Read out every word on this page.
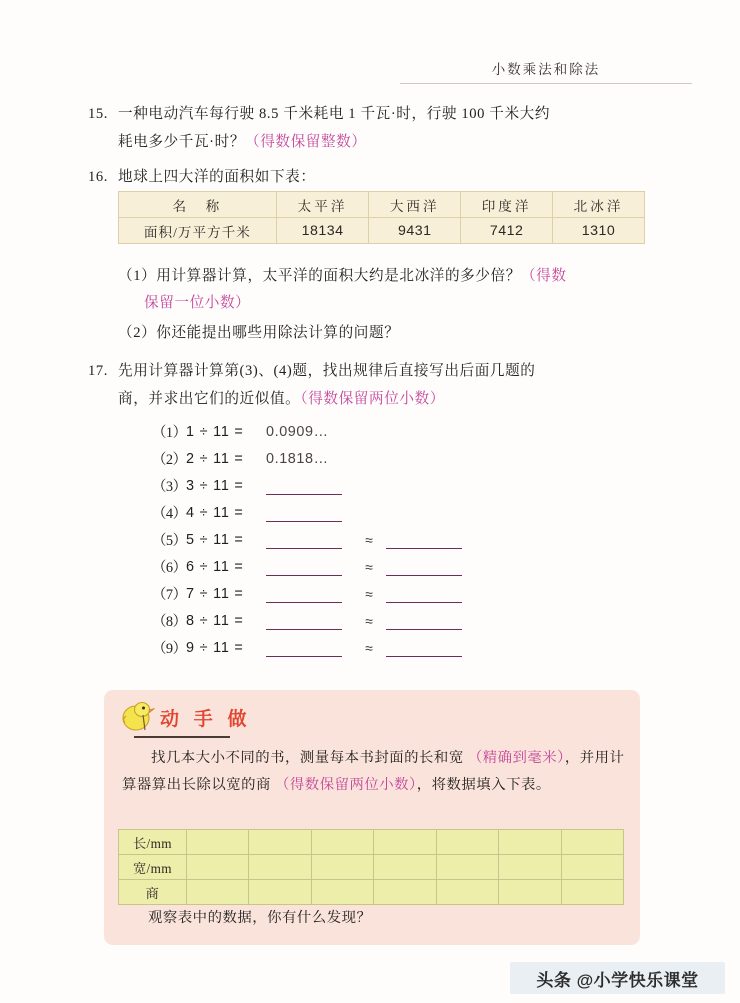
小数乘法和除法
15. 一种电动汽车每行驶 8.5 千米耗电 1 千瓦·时，行驶 100 千米大约
耗电多少千瓦·时？（得数保留整数）
16. 地球上四大洋的面积如下表：
名　称	太平洋	大西洋	印度洋	北冰洋
面积/万平方千米	18134	9431	7412	1310
（1）用计算器计算，太平洋的面积大约是北冰洋的多少倍？（得数
保留一位小数）
（2）你还能提出哪些用除法计算的问题？
17. 先用计算器计算第(3)、(4)题，找出规律后直接写出后面几题的
商，并求出它们的近似值。（得数保留两位小数）
（1） 1 ÷ 11 =	0.0909…
（2） 2 ÷ 11 =	0.1818…
（3） 3 ÷ 11 =
（4） 4 ÷ 11 =
（5） 5 ÷ 11 =	≈
（6） 6 ÷ 11 =	≈
（7） 7 ÷ 11 =	≈
（8） 8 ÷ 11 =	≈
（9） 9 ÷ 11 =	≈
动 手 做
找几本大小不同的书，测量每本书封面的长和宽 （精确到毫米），并用计算器算出长除以宽的商 （得数保留两位小数），将数据填入下表。
长/mm							
宽/mm							
商							
观察表中的数据，你有什么发现？
头条 @小学快乐课堂
